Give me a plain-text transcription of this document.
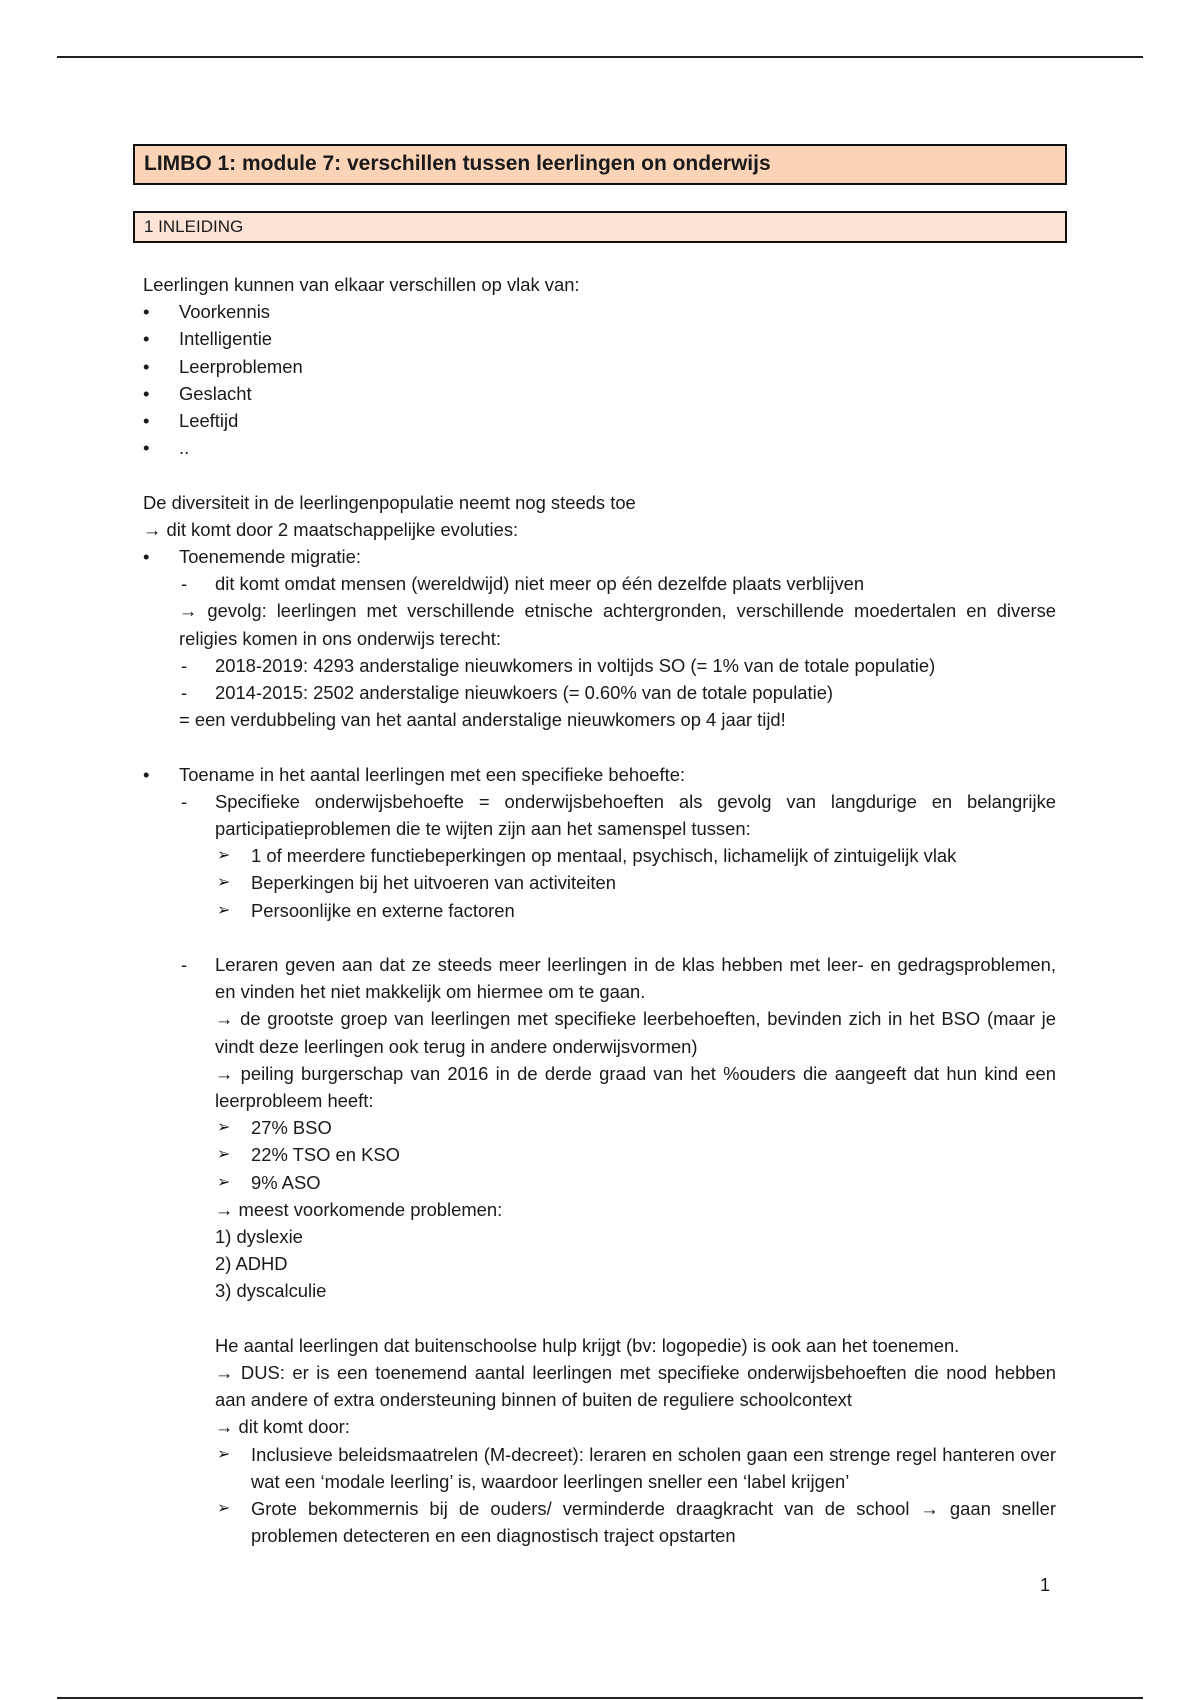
LIMBO 1: module 7: verschillen tussen leerlingen on onderwijs
1 INLEIDING

Leerlingen kunnen van elkaar verschillen op vlak van:

•	Voorkennis

•	Intelligentie

•	Leerproblemen

•	Geslacht

•	Leeftijd

•	..

De diversiteit in de leerlingenpopulatie neemt nog steeds toe

→ dit komt door 2 maatschappelijke evoluties:

•	Toenemende migratie:

- dit komt omdat mensen (wereldwijd) niet meer op één dezelfde plaats verblijven

→ gevolg: leerlingen met verschillende etnische achtergronden, verschillende moedertalen en diverse religies komen in ons onderwijs terecht:

- 2018-2019: 4293 anderstalige nieuwkomers in voltijds SO (= 1% van de totale populatie)

- 2014-2015: 2502 anderstalige nieuwkoers (= 0.60% van de totale populatie)

= een verdubbeling van het aantal anderstalige nieuwkomers op 4 jaar tijd!

•	Toename in het aantal leerlingen met een specifieke behoefte:

- Specifieke onderwijsbehoefte = onderwijsbehoeften als gevolg van langdurige en belangrijke participatieproblemen die te wijten zijn aan het samenspel tussen:

➢ 1 of meerdere functiebeperkingen op mentaal, psychisch, lichamelijk of zintuigelijk vlak

➢ Beperkingen bij het uitvoeren van activiteiten

➢ Persoonlijke en externe factoren

- Leraren geven aan dat ze steeds meer leerlingen in de klas hebben met leer- en gedragsproblemen, en vinden het niet makkelijk om hiermee om te gaan.

→ de grootste groep van leerlingen met specifieke leerbehoeften, bevinden zich in het BSO (maar je vindt deze leerlingen ook terug in andere onderwijsvormen)

→ peiling burgerschap van 2016 in de derde graad van het %ouders die aangeeft dat hun kind een leerprobleem heeft:

➢ 27% BSO

➢ 22% TSO en KSO

➢ 9% ASO

→ meest voorkomende problemen:

1) dyslexie

2) ADHD

3) dyscalculie

He aantal leerlingen dat buitenschoolse hulp krijgt (bv: logopedie) is ook aan het toenemen.

→ DUS: er is een toenemend aantal leerlingen met specifieke onderwijsbehoeften die nood hebben aan andere of extra ondersteuning binnen of buiten de reguliere schoolcontext

→ dit komt door:

➢ Inclusieve beleidsmaatrelen (M-decreet): leraren en scholen gaan een strenge regel hanteren over wat een ‘modale leerling’ is, waardoor leerlingen sneller een ‘label krijgen’

➢ Grote bekommernis bij de ouders/ verminderde draagkracht van de school → gaan sneller problemen detecteren en een diagnostisch traject opstarten

1
